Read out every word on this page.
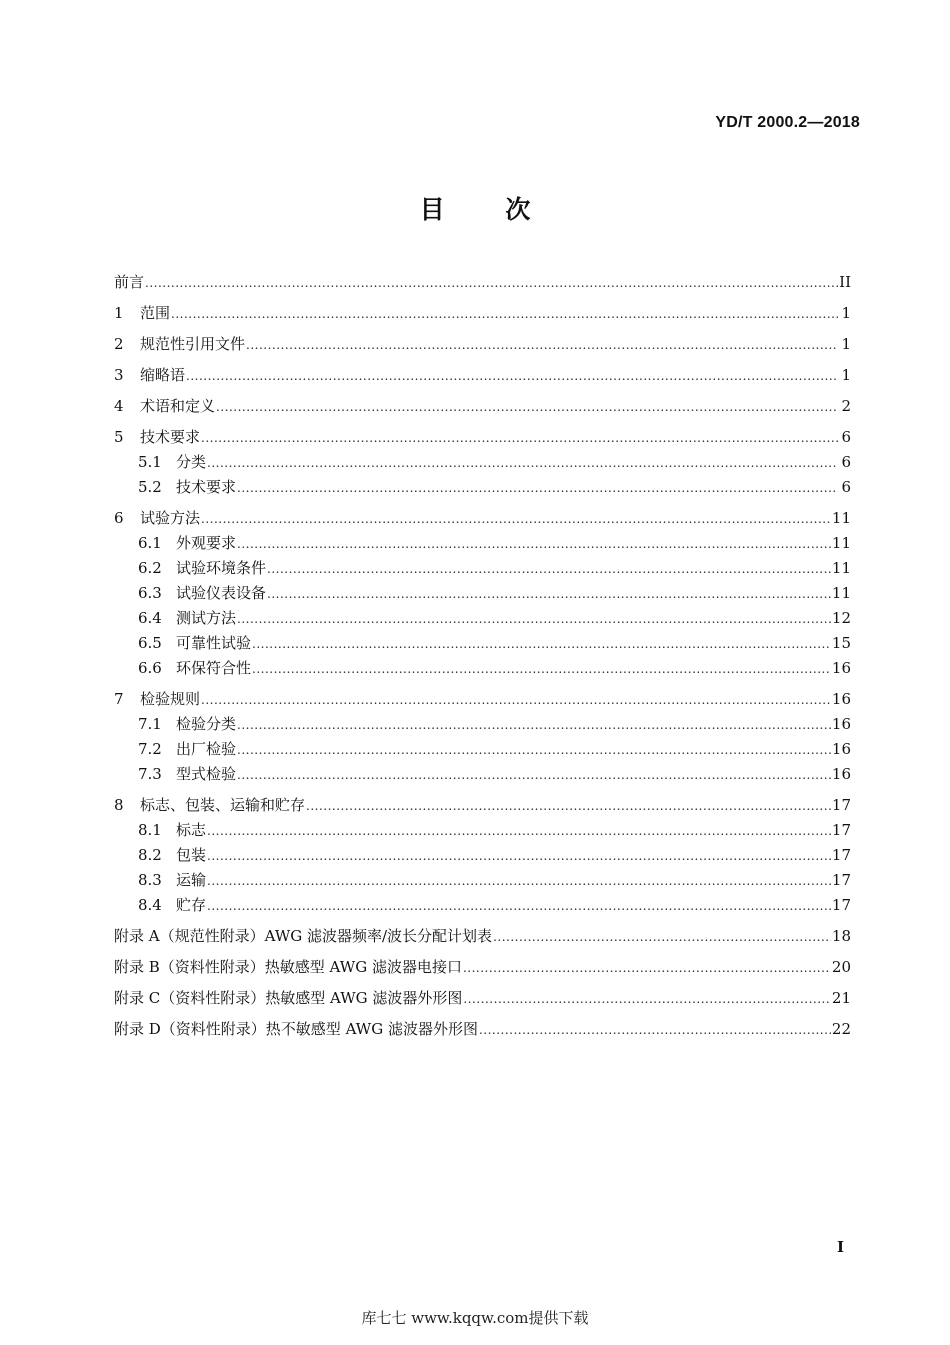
YD/T 2000.2—2018
目 次
前言 .....	II
1	范围 .....	1
2	规范性引用文件 .....	1
3	缩略语 .....	1
4	术语和定义 .....	2
5	技术要求 .....	6
5.1 分类 .....	6
5.2 技术要求 .....	6
6	试验方法 .....	11
6.1 外观要求 .....	11
6.2 试验环境条件 .....	11
6.3 试验仪表设备 .....	11
6.4 测试方法 .....	12
6.5 可靠性试验 .....	15
6.6 环保符合性 .....	16
7	检验规则 .....	16
7.1 检验分类 .....	16
7.2 出厂检验 .....	16
7.3 型式检验 .....	16
8	标志、包装、运输和贮存 .....	17
8.1 标志 .....	17
8.2 包装 .....	17
8.3 运输 .....	17
8.4 贮存 .....	17
附录 A（规范性附录）AWG 滤波器频率/波长分配计划表 .....	18
附录 B（资料性附录）热敏感型 AWG 滤波器电接口 .....	20
附录 C（资料性附录）热敏感型 AWG 滤波器外形图 .....	21
附录 D（资料性附录）热不敏感型 AWG 滤波器外形图 .....	22
I
库七七 www.kqqw.com提供下载
